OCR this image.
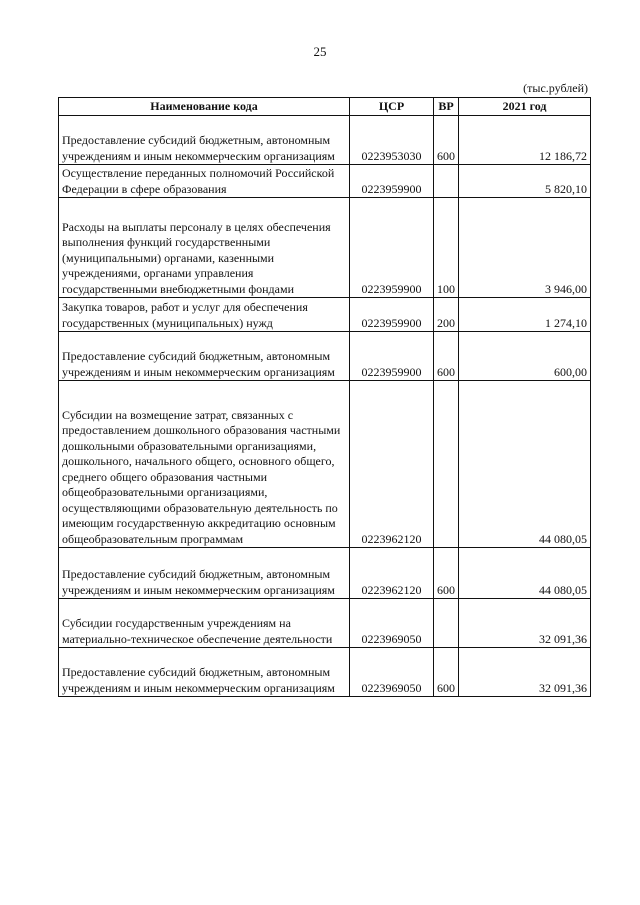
25
(тыс.рублей)
Наименование кода	ЦСР	ВР	2021 год
Предоставление субсидий бюджетным, автономным учреждениям и иным некоммерческим организациям	0223953030	600	12 186,72
Осуществление переданных полномочий Российской Федерации в сфере образования	0223959900		5 820,10
Расходы на выплаты персоналу в целях обеспечения выполнения функций государственными (муниципальными) органами, казенными учреждениями, органами управления государственными внебюджетными фондами	0223959900	100	3 946,00
Закупка товаров, работ и услуг для обеспечения государственных (муниципальных) нужд	0223959900	200	1 274,10
Предоставление субсидий бюджетным, автономным учреждениям и иным некоммерческим организациям	0223959900	600	600,00
Субсидии на возмещение затрат, связанных с предоставлением дошкольного образования частными дошкольными образовательными организациями, дошкольного, начального общего, основного общего, среднего общего образования частными общеобразовательными организациями, осуществляющими образовательную деятельность по имеющим государственную аккредитацию основным общеобразовательным программам	0223962120		44 080,05
Предоставление субсидий бюджетным, автономным учреждениям и иным некоммерческим организациям	0223962120	600	44 080,05
Субсидии государственным учреждениям на материально-техническое обеспечение деятельности	0223969050		32 091,36
Предоставление субсидий бюджетным, автономным учреждениям и иным некоммерческим организациям	0223969050	600	32 091,36
